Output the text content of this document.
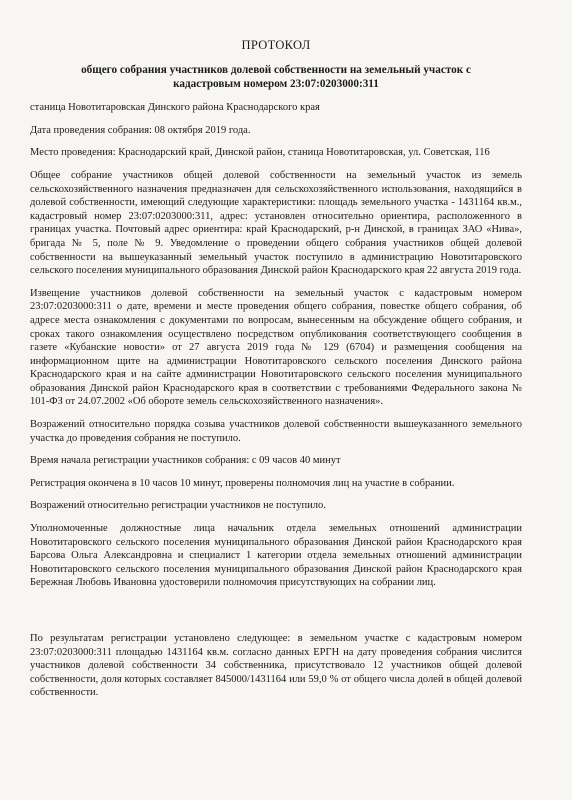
ПРОТОКОЛ
общего собрания участников долевой собственности на земельный участок с
кадастровым номером 23:07:0203000:311

станица Новотитаровская Динского района Краснодарского края

Дата проведения собрания: 08 октября 2019 года.

Место проведения: Краснодарский край, Динской район, станица Новотитаровская, ул. Советская, 116

Общее собрание участников общей долевой собственности на земельный участок из земель сельскохозяйственного назначения предназначен для сельскохозяйственного использования, находящийся в долевой собственности, имеющий следующие характеристики: площадь земельного участка - 1431164 кв.м., кадастровый номер 23:07:0203000:311, адрес: установлен относительно ориентира, расположенного в границах участка. Почтовый адрес ориентира: край Краснодарский, р-н Динской, в границах ЗАО «Нива», бригада № 5, поле № 9. Уведомление о проведении общего собрания участников общей долевой собственности на вышеуказанный земельный участок поступило в администрацию Новотитаровского сельского поселения муниципального образования Динской район Краснодарского края 22 августа 2019 года.

Извещение участников долевой собственности на земельный участок с кадастровым номером 23:07:0203000:311 о дате, времени и месте проведения общего собрания, повестке общего собрания, об адресе места ознакомления с документами по вопросам, вынесенным на обсуждение общего собрания, и сроках такого ознакомления осуществлено посредством опубликования соответствующего сообщения в газете «Кубанские новости» от 27 августа 2019 года № 129 (6704) и размещения сообщения на информационном щите на администрации Новотитаровского сельского поселения Динского района Краснодарского края и на сайте администрации Новотитаровского сельского поселения муниципального образования Динской район Краснодарского края в соответствии с требованиями Федерального закона № 101-ФЗ от 24.07.2002 «Об обороте земель сельскохозяйственного назначения».

Возражений относительно порядка созыва участников долевой собственности вышеуказанного земельного участка до проведения собрания не поступило.

Время начала регистрации участников собрания: с 09 часов 40 минут

Регистрация окончена в 10 часов 10 минут, проверены полномочия лиц на участие в собрании.

Возражений относительно регистрации участников не поступило.

Уполномоченные должностные лица начальник отдела земельных отношений администрации Новотитаровского сельского поселения муниципального образования Динской район Краснодарского края Барсова Ольга Александровна и специалист 1 категории отдела земельных отношений администрации Новотитаровского сельского поселения муниципального образования Динской район Краснодарского края Бережная Любовь Ивановна удостоверили полномочия присутствующих на собрании лиц.

По результатам регистрации установлено следующее: в земельном участке с кадастровым номером 23:07:0203000:311 площадью 1431164 кв.м. согласно данных ЕРГН на дату проведения собрания числится участников долевой собственности 34 собственника, присутствовало 12 участников общей долевой собственности, доля которых составляет 845000/1431164 или 59,0 % от общего числа долей в общей долевой собственности.
